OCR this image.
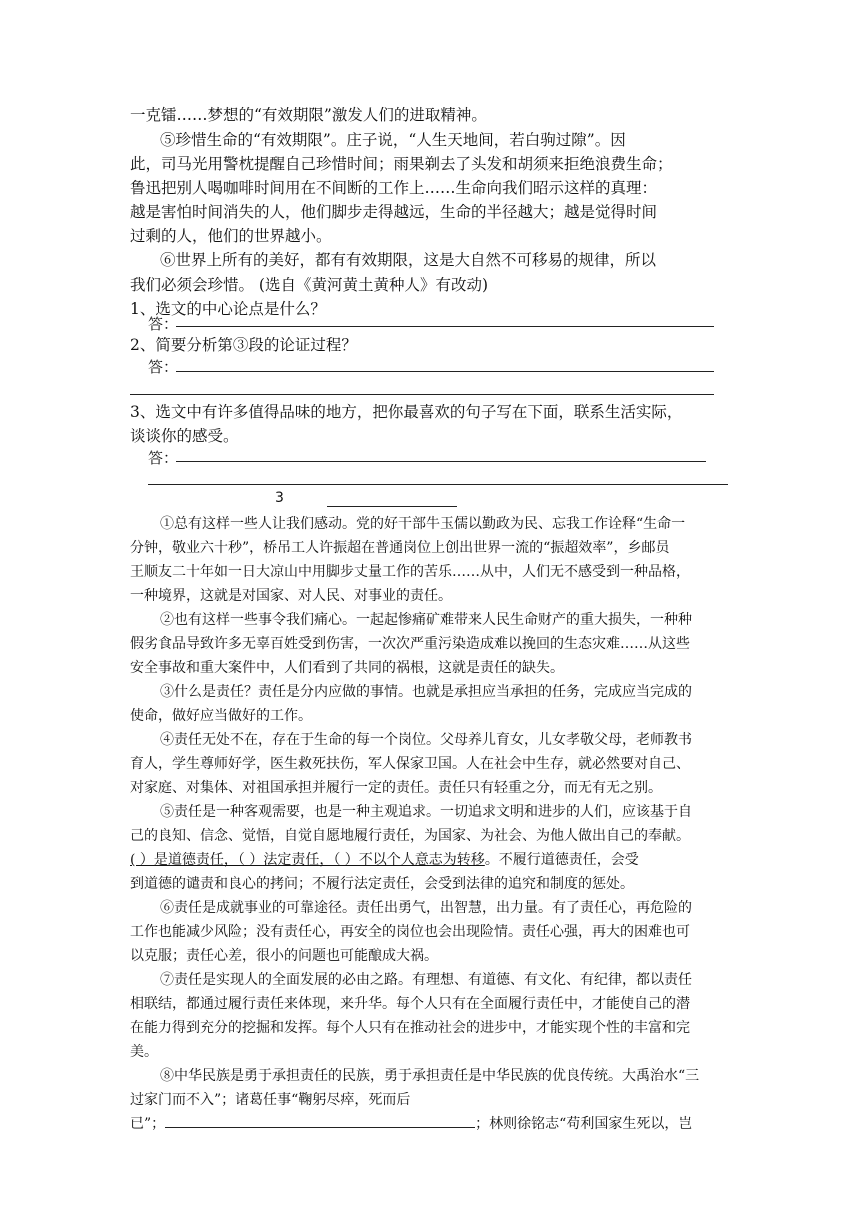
一克镭……梦想的“有效期限”激发人们的进取精神。
⑤珍惜生命的“有效期限”。庄子说，“人生天地间，若白驹过隙”。因
此，司马光用警枕提醒自己珍惜时间；雨果剃去了头发和胡须来拒绝浪费生命；
鲁迅把别人喝咖啡时间用在不间断的工作上……生命向我们昭示这样的真理：
越是害怕时间消失的人，他们脚步走得越远，生命的半径越大；越是觉得时间
过剩的人，他们的世界越小。
⑥世界上所有的美好，都有有效期限，这是大自然不可移易的规律，所以
我们必须会珍惜。 (选自《黄河黄土黄种人》有改动)
1、选文的中心论点是什么？
答：
2、简要分析第③段的论证过程？
答：
3、选文中有许多值得品味的地方，把你最喜欢的句子写在下面，联系生活实际，
谈谈你的感受。
答：
3
①总有这样一些人让我们感动。党的好干部牛玉儒以勤政为民、忘我工作诠释“生命一
分钟，敬业六十秒”，桥吊工人许振超在普通岗位上创出世界一流的“振超效率”，乡邮员
王顺友二十年如一日大凉山中用脚步丈量工作的苦乐……从中，人们无不感受到一种品格，
一种境界，这就是对国家、对人民、对事业的责任。
②也有这样一些事令我们痛心。一起起惨痛矿难带来人民生命财产的重大损失，一种种
假劣食品导致许多无辜百姓受到伤害，一次次严重污染造成难以挽回的生态灾难……从这些
安全事故和重大案件中，人们看到了共同的祸根，这就是责任的缺失。
③什么是责任？责任是分内应做的事情。也就是承担应当承担的任务，完成应当完成的
使命，做好应当做好的工作。
④责任无处不在，存在于生命的每一个岗位。父母养儿育女，儿女孝敬父母，老师教书
育人，学生尊师好学，医生救死扶伤，军人保家卫国。人在社会中生存，就必然要对自己、
对家庭、对集体、对祖国承担并履行一定的责任。责任只有轻重之分，而无有无之别。
⑤责任是一种客观需要，也是一种主观追求。一切追求文明和进步的人们，应该基于自
己的良知、信念、觉悟，自觉自愿地履行责任，为国家、为社会、为他人做出自己的奉献。
( ）是道德责任，（ ）法定责任，（ ）不以个人意志为转移。不履行道德责任，会受
到道德的谴责和良心的拷问；不履行法定责任，会受到法律的追究和制度的惩处。
⑥责任是成就事业的可靠途径。责任出勇气，出智慧，出力量。有了责任心，再危险的
工作也能减少风险；没有责任心，再安全的岗位也会出现险情。责任心强，再大的困难也可
以克服；责任心差，很小的问题也可能酿成大祸。
⑦责任是实现人的全面发展的必由之路。有理想、有道德、有文化、有纪律，都以责任
相联结，都通过履行责任来体现，来升华。每个人只有在全面履行责任中，才能使自己的潜
在能力得到充分的挖掘和发挥。每个人只有在推动社会的进步中，才能实现个性的丰富和完
美。
⑧中华民族是勇于承担责任的民族，勇于承担责任是中华民族的优良传统。大禹治水“三
过家门而不入”；诸葛任事“鞠躬尽瘁，死而后
已”；	；林则徐铭志“苟利国家生死以，岂
